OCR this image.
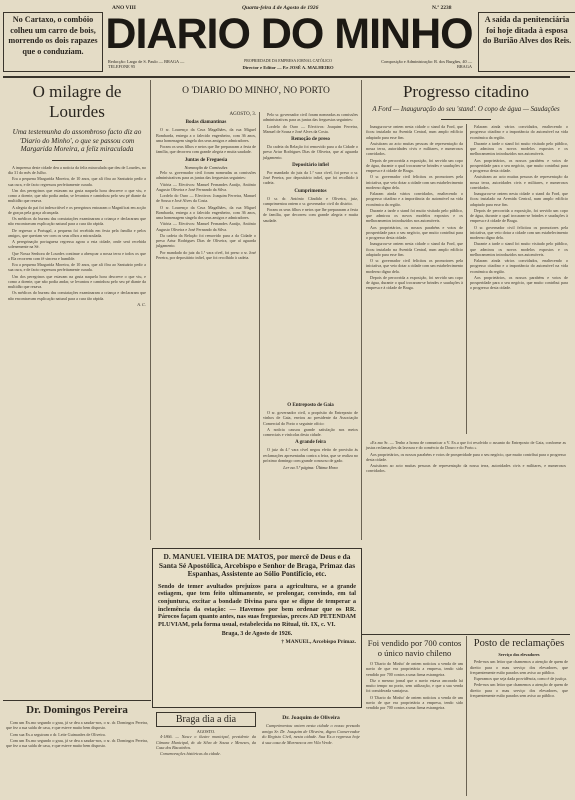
No Cartaxo, o combóio colheu um carro de bois, morrendo os dois rapazes que o conduziam.
ANO VIII	Quarta-feira 4 de Agosto de 1926	N.º 2238
DIARIO DO MINHO
Redacção: Largo de S. Paulo — BRAGA — TELEFONE 95
PROPRIEDADE DA EMPRESA JORNAL CATÓLICO
Director e Editor — P.e JOSÉ A. MALHEIRO
Composição e Administração: R. dos Burgães, 40 — BRAGA
A saída da penitenciária foi hoje ditada à esposa do Burião Alves dos Reis.
O milagre de Lourdes
Uma testemunha do assombroso facto diz ao 'Diario do Minho', o que se passou com Margarida Moreira, a feliz miraculada

A imprensa deste cidade deu a noticia da feliz miraculada que deu de Lourdes, no dia 31 do mês de Julho.

Era a pequena Margarida Moreira, de 10 anos, que ali fôra ao Santuário pedir a sua cura, e de facto regressou perfeitamente curada.

Um dos peregrinos que estavam na gruta naquela hora descreve o que viu, e como a doente, que não podia andar, se levantou e caminhou pelo seu pé diante da multidão que rezava.

A alegria do pai foi indescritível e os peregrinos entoaram o Magnificat em acção de graças pela graça alcançada.

Os médicos do bureau das constatações examinaram a criança e declararam que não encontravam explicação natural para a cura tão rápida.

De regresso a Portugal, a pequena foi recebida em festa pela família e pelos amigos, que queriam ver com os seus olhos a miraculada.

A peregrinação portuguesa regressa agora a esta cidade, onde será recebida solenemente na Sé.

Que Nossa Senhora de Lourdes continue a abençoar a nossa terra e todos os que a Ela recorrem com fé sincera e humilde.

Era a pequena Margarida Moreira, de 10 anos, que ali fôra ao Santuário pedir a sua cura, e de facto regressou perfeitamente curada.

Um dos peregrinos que estavam na gruta naquela hora descreve o que viu, e como a doente, que não podia andar, se levantou e caminhou pelo seu pé diante da multidão que rezava.

Os médicos do bureau das constatações examinaram a criança e declararam que não encontravam explicação natural para a cura tão rápida.

A. C.
O 'DIARIO DO MINHO', NO PORTO
AGOSTO, 3.
Bodas diamantinas

O sr. Lourenço da Cruz Magalhães, da rua Miguel Bombarda, entrega a o falecido engenheiro, com 36 anos, uma homenagem singela dos seus amigos e admiradores.

Foram os seus filhos e netos que lhe prepararam a festa de família, que decorreu com grande alegria e muita saudade.

Juntas de Freguesia
Nomeação de Comissões

Pelo sr. governador civil foram nomeadas as comissões administrativas para as juntas das freguesias seguintes:

Vitória — Efectivos: Manuel Fernandes Araújo, António Augusto Oliveira e José Fernando da Silva.

Lordelo do Ouro — Efectivos: Joaquim Ferreira, Manuel de Sousa e José Alves da Costa.

O sr. Lourenço da Cruz Magalhães, da rua Miguel Bombarda, entrega a o falecido engenheiro, com 36 anos, uma homenagem singela dos seus amigos e admiradores.

Vitória — Efectivos: Manuel Fernandes Araújo, António Augusto Oliveira e José Fernando da Silva.

Da cadeia da Relação foi removido para a da Cidade o preso Artur Rodrigues Dias de Oliveira, que aí aguarda julgamento.

Por mandado do juiz da 1.ª vara cível, foi preso o sr. José Pereira, por depositário infiel, que foi recolhido à cadeia.

Pelo sr. governador civil foram nomeadas as comissões administrativas para as juntas das freguesias seguintes:

Lordelo do Ouro — Efectivos: Joaquim Ferreira, Manuel de Sousa e José Alves da Costa.

Remoção de preso

Da cadeia da Relação foi removido para a da Cidade o preso Artur Rodrigues Dias de Oliveira, que aí aguarda julgamento.

Depositário infiel

Por mandado do juiz da 1.ª vara cível, foi preso o sr. José Pereira, por depositário infiel, que foi recolhido à cadeia.

Cumprimentos

O sr. dr. António Cândido e Oliveira, juiz, cumprimentou ontem o sr. governador civil do distrito.

Foram os seus filhos e netos que lhe prepararam a festa de família, que decorreu com grande alegria e muita saudade.

Progresso citadino
A Ford — Inauguração do seu 'stand'. O copo de água — Saudações

Inaugurou-se ontem nesta cidade o stand da Ford, que ficou instalado na Avenida Central, num amplo edifício adaptado para esse fim.

Assistiram ao acto muitas pessoas de representação da nossa terra, autoridades civis e militares, e numerosos convidados.

Depois de percorrida a exposição, foi servido um copo de água, durante o qual trocaram-se brindes e saudações à empresa e à cidade de Braga.

O sr. governador civil felicitou os promotores pela iniciativa, que veio dotar a cidade com um estabelecimento moderno digno dela.

Falaram ainda vários convidados, enaltecendo o progresso citadino e a importância do automóvel na vida económica da região.

Durante a tarde o stand foi muito visitado pelo público, que admirou os novos modelos expostos e os melhoramentos introduzidos nos automóveis.

Aos proprietários, os nossos parabéns e votos de prosperidade para o seu negócio, que muito contribui para o progresso desta cidade.

Inaugurou-se ontem nesta cidade o stand da Ford, que ficou instalado na Avenida Central, num amplo edifício adaptado para esse fim.

O sr. governador civil felicitou os promotores pela iniciativa, que veio dotar a cidade com um estabelecimento moderno digno dela.

Depois de percorrida a exposição, foi servido um copo de água, durante o qual trocaram-se brindes e saudações à empresa e à cidade de Braga.

Falaram ainda vários convidados, enaltecendo o progresso citadino e a importância do automóvel na vida económica da região.

Durante a tarde o stand foi muito visitado pelo público, que admirou os novos modelos expostos e os melhoramentos introduzidos nos automóveis.

Aos proprietários, os nossos parabéns e votos de prosperidade para o seu negócio, que muito contribui para o progresso desta cidade.

Assistiram ao acto muitas pessoas de representação da nossa terra, autoridades civis e militares, e numerosos convidados.

Inaugurou-se ontem nesta cidade o stand da Ford, que ficou instalado na Avenida Central, num amplo edifício adaptado para esse fim.

Depois de percorrida a exposição, foi servido um copo de água, durante o qual trocaram-se brindes e saudações à empresa e à cidade de Braga.

O sr. governador civil felicitou os promotores pela iniciativa, que veio dotar a cidade com um estabelecimento moderno digno dela.

Durante a tarde o stand foi muito visitado pelo público, que admirou os novos modelos expostos e os melhoramentos introduzidos nos automóveis.

Falaram ainda vários convidados, enaltecendo o progresso citadino e a importância do automóvel na vida económica da região.

Aos proprietários, os nossos parabéns e votos de prosperidade para o seu negócio, que muito contribui para o progresso desta cidade.

D. MANUEL VIEIRA DE MATOS, por mercê de Deus e da Santa Sé Apostólica, Arcebispo e Senhor de Braga, Primaz das Espanhas, Assistente ao Sólio Pontifício, etc.
Sendo de temer avultados prejuízos para a agricultura, se a grande estiagem, que tem feito ultimamente, se prolongar, convindo, em tal conjuntura, excitar a bondade Divina para que se digne de temperar a inclemência da estação: — Havemos por bem ordenar que os RR. Párocos façam quanto antes, nas suas freguesias, preces AD PETENDAM PLUVIAM, pela forma usual, estabelecida no Ritual, tít. IX, c. VI.
Braga, 3 de Agosto de 1926.
† MANUEL, Arcebispo Primaz.
Dr. Domingos Pereira

Com um Ex.mo segundo o grau, já se deu a saudar-nos, o sr. dr. Domingos Pereira, que fez a sua saída de casa, e que esteve muito bem disposto.

Com sua Ex.a seguiram o dr. Leite Guimarães de Oliveira.

Com um Ex.mo segundo o grau, já se deu a saudar-nos, o sr. dr. Domingos Pereira, que fez a sua saída de casa, e que esteve muito bem disposto.

Braga dia a dia
AGOSTO.

4-1866. — Nasce o ilustre municipal, presidente da Câmara Municipal, dr. da Silva de Sousa e Menezes, da Casa dos Biscainhos.

Comemorações históricas da cidade.

Dr. Joaquim de Oliveira

Cumprimentou ontem nesta cidade o nosso prezado amigo Sr. Dr. Joaquim de Oliveira, digno Conservador do Registo Civil, nesta cidade. Sua Ex.a regressa hoje à sua casa de Murrancos em Vila Verde.

Foi vendido por 700 contos o único navio chileno

O 'Diario do Minho' de ontem noticiou a venda de um navio de que era proprietária a empresa, tendo sido vendido por 700 contos a uma firma estrangeira.

Diz o mesmo jornal que o navio estava ancorado há muito tempo no porto, sem utilização, e que a sua venda foi considerada vantajosa.

O 'Diario do Minho' de ontem noticiou a venda de um navio de que era proprietária a empresa, tendo sido vendido por 700 contos a uma firma estrangeira.

Posto de reclamações
Serviço dos elevadores

Pede-nos um leitor que chamemos a atenção de quem de direito para o mau serviço dos elevadores, que frequentemente estão parados sem aviso ao público.

Esperamos que seja dada providência, como é de justiça.

Pede-nos um leitor que chamemos a atenção de quem de direito para o mau serviço dos elevadores, que frequentemente estão parados sem aviso ao público.

O Entreposto de Gaia

O sr. governador civil, a propósito do Entreposto de vinhos de Gaia, enviou ao presidente da Associação Comercial do Porto o seguinte ofício:

A notícia causou grande satisfação nos meios comerciais e vinícolas desta cidade.

A grande feira

O juiz da 4.ª vara cível negou efeito de provisão às reclamações apresentadas contra a feira, que se realiza no próximo domingo com grande concurso de gado.

Ler na 3.ª página: Última Hora

«Ex.mo Sr. — Tenho a honra de comunicar a V. Ex.a que foi resolvido o assunto do Entreposto de Gaia, conforme as justas reclamações da lavoura e do comércio do Douro e do Porto.»

Aos proprietários, os nossos parabéns e votos de prosperidade para o seu negócio, que muito contribui para o progresso desta cidade.

Assistiram ao acto muitas pessoas de representação da nossa terra, autoridades civis e militares, e numerosos convidados.
